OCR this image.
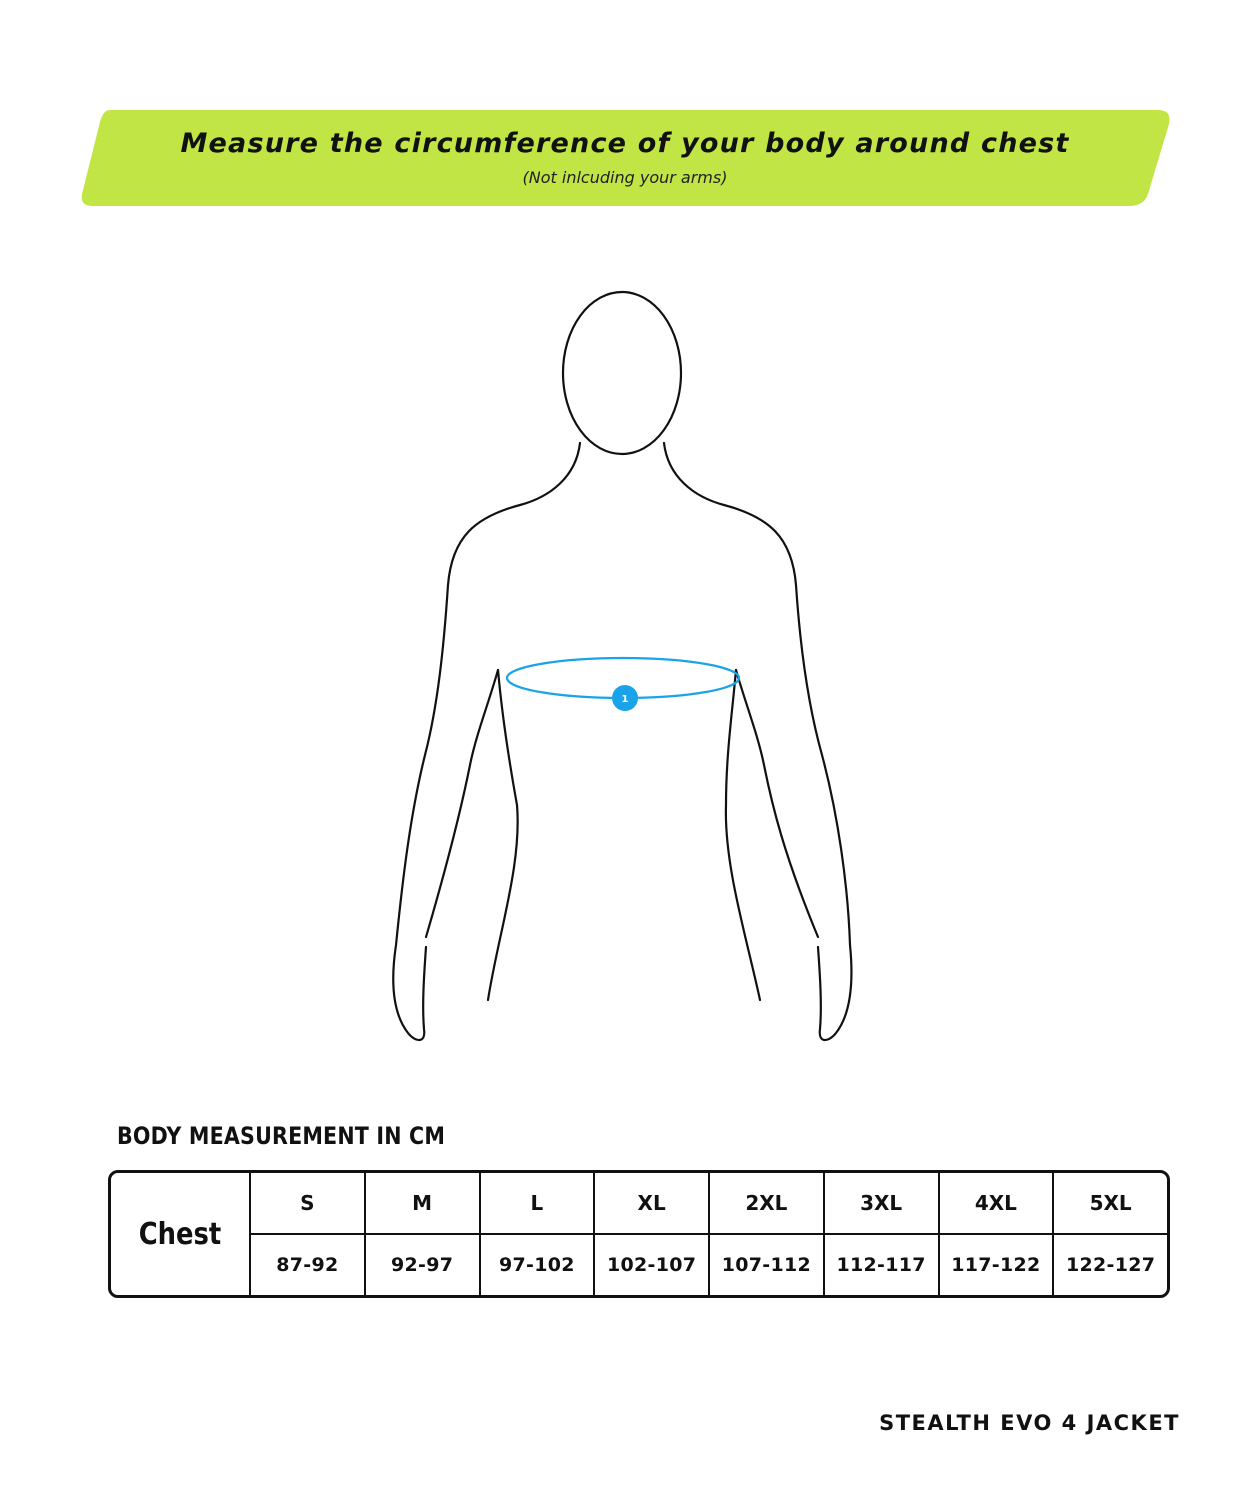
Measure the circumference of your body around chest
(Not inlcuding your arms)
1
BODY MEASUREMENT IN CM
Chest
S
87-92
M
92-97
L
97-102
XL
102-107
2XL
107-112
3XL
112-117
4XL
117-122
5XL
122-127
STEALTH EVO 4 JACKET
